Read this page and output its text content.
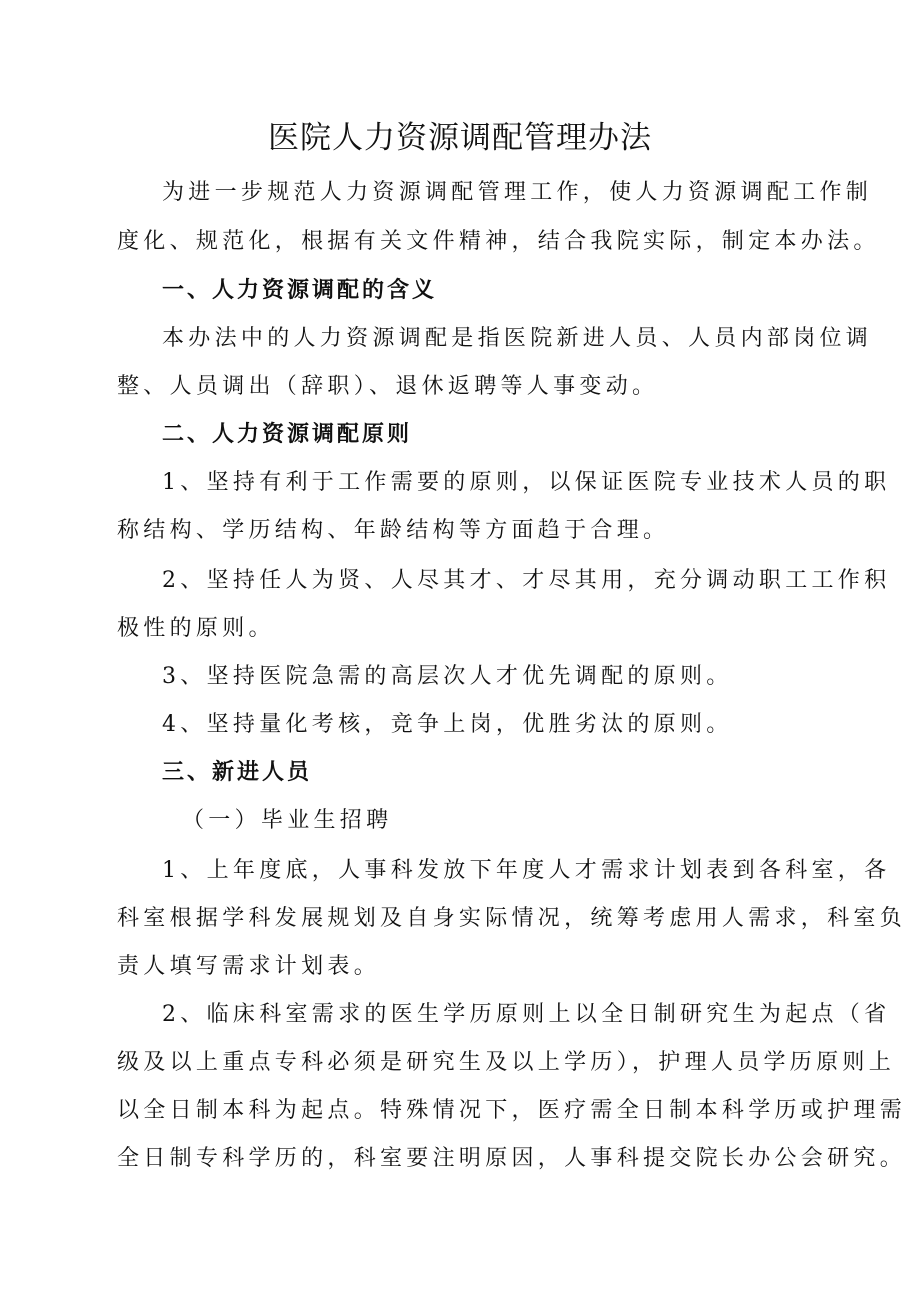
医院人力资源调配管理办法
为进一步规范人力资源调配管理工作，使人力资源调配工作制
度化、规范化，根据有关文件精神，结合我院实际，制定本办法。
一、人力资源调配的含义
本办法中的人力资源调配是指医院新进人员、人员内部岗位调
整、人员调出（辞职）、退休返聘等人事变动。
二、人力资源调配原则
1、坚持有利于工作需要的原则，以保证医院专业技术人员的职
称结构、学历结构、年龄结构等方面趋于合理。
2、坚持任人为贤、人尽其才、才尽其用，充分调动职工工作积
极性的原则。
3、坚持医院急需的高层次人才优先调配的原则。
4、坚持量化考核，竞争上岗，优胜劣汰的原则。
三、新进人员
（一）毕业生招聘
1、上年度底，人事科发放下年度人才需求计划表到各科室，各
科室根据学科发展规划及自身实际情况，统筹考虑用人需求，科室负
责人填写需求计划表。
2、临床科室需求的医生学历原则上以全日制研究生为起点（省
级及以上重点专科必须是研究生及以上学历），护理人员学历原则上
以全日制本科为起点。特殊情况下，医疗需全日制本科学历或护理需
全日制专科学历的，科室要注明原因，人事科提交院长办公会研究。
